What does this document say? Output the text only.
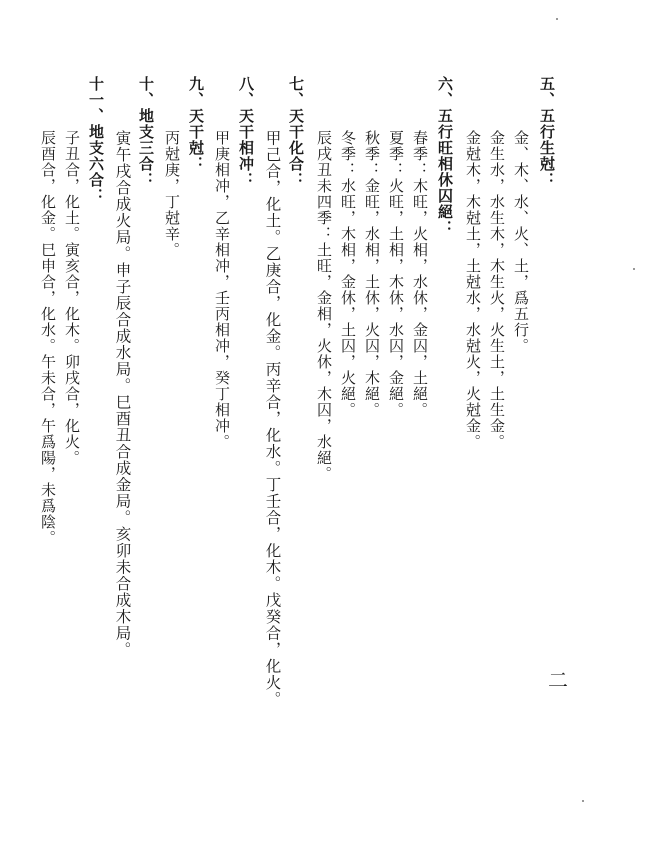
五、五行生尅：
金、木、水、火、土，爲五行。
金生水，水生木，木生火，火生土，土生金。
金尅木，木尅土，土尅水，水尅火，火尅金。
六、五行旺相休囚絕：
春季：木旺，火相，水休，金囚，土絕。
夏季：火旺，土相，木休，水囚，金絕。
秋季：金旺，水相，土休，火囚，木絕。
冬季：水旺，木相，金休，土囚，火絕。
辰戌丑未四季：土旺，金相，火休，木囚，水絕。
七、天干化合：
甲己合，化土。乙庚合，化金。丙辛合，化水。丁壬合，化木。戊癸合，化火。
八、天干相冲：
甲庚相冲，乙辛相冲，壬丙相冲，癸丁相冲。
九、天干尅：
丙尅庚，丁尅辛。
十、地支三合：
寅午戌合成火局。申子辰合成水局。巳酉丑合成金局。亥卯未合成木局。
十一、地支六合：
子丑合，化土。寅亥合，化木。卯戌合，化火。
辰酉合，化金。巳申合，化水。午未合，午爲陽，未爲陰。
二
